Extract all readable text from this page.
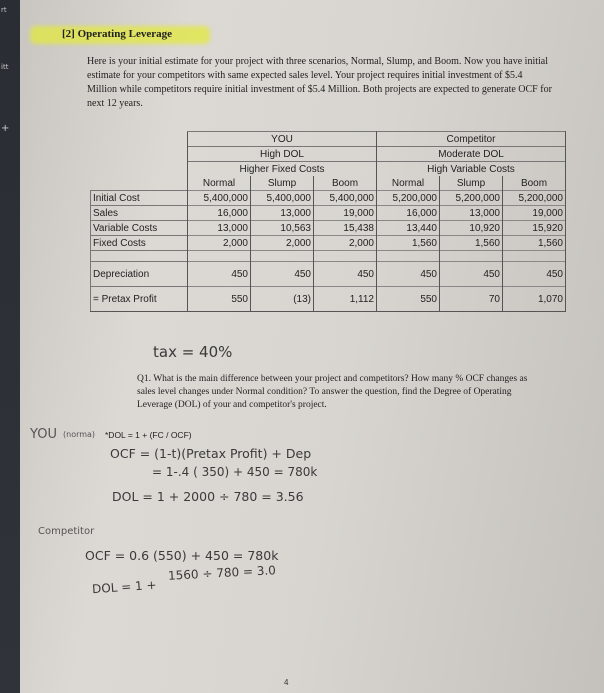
rt
itt
+
[2] Operating Leverage
Here is your initial estimate for your project with three scenarios, Normal, Slump, and Boom. Now you have initial estimate for your competitors with same expected sales level. Your project requires initial investment of $5.4 Million while competitors require initial investment of $5.4 Million. Both projects are expected to generate OCF for next 12 years.
	YOU			Competitor		
	High DOL			Moderate DOL		
	Higher Fixed Costs			High Variable Costs		
	Normal	Slump	Boom	Normal	Slump	Boom
Initial Cost	5,400,000	5,400,000	5,400,000	5,200,000	5,200,000	5,200,000
Sales	16,000	13,000	19,000	16,000	13,000	19,000
Variable Costs	13,000	10,563	15,438	13,440	10,920	15,920
Fixed Costs	2,000	2,000	2,000	1,560	1,560	1,560

Depreciation	450	450	450	450	450	450
= Pretax Profit	550	(13)	1,112	550	70	1,070
tax = 40%
Q1. What is the main difference between your project and competitors? How many % OCF changes as sales level changes under Normal condition? To answer the question, find the Degree of Operating Leverage (DOL) of your and competitor's project.
YOU (norma) *DOL = 1 + (FC / OCF)
OCF = (1-t)(Pretax Profit) + Dep
= 1-.4 ( 350) + 450 = 780k
DOL = 1 + 2000 ÷ 780 = 3.56
Competitor
OCF = 0.6 (550) + 450 = 780k
DOL = 1 +
1560 ÷ 780 = 3.0
4
